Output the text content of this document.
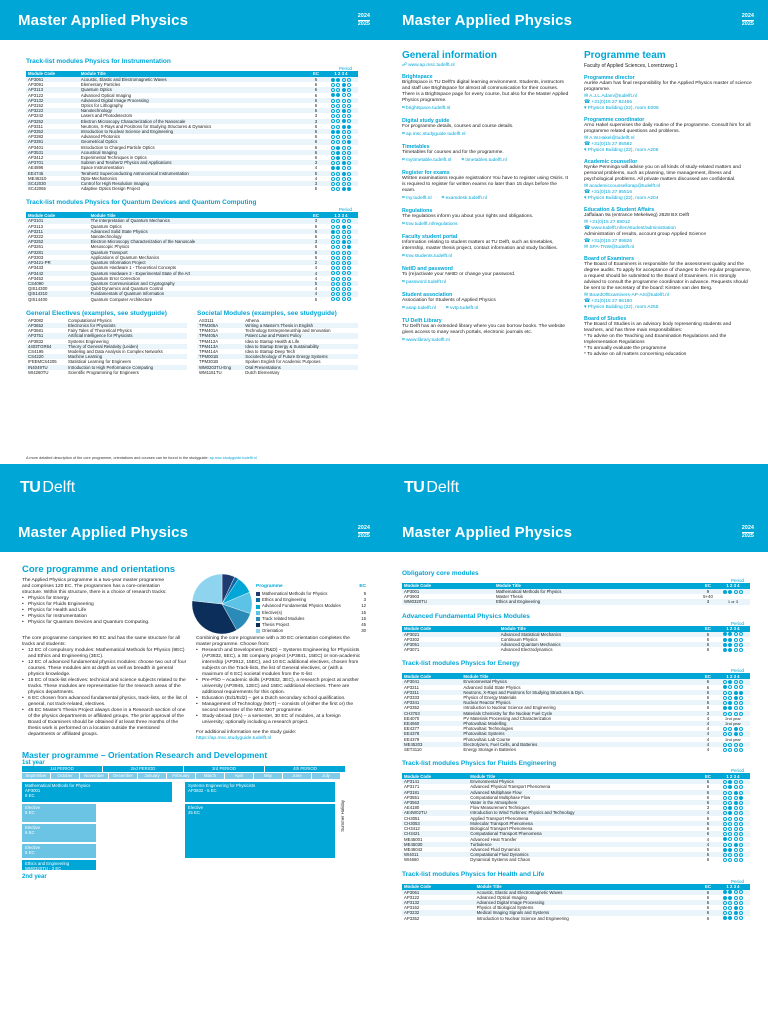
Master Applied Physics	2024
2025
Track-list modules Physics for Instrumentation
Period
Module Code	Module Title	EC	1 2 3 4
AP3061	Acoustic, Elastic and Electromagnetic Waves	6	
AP3091	Elementary Particles	6	
AP3113	Quantum Optics	6	
AP3122	Advanced Optical Imaging	6	
AP3132	Advanced Digital Image Processing	6	
AP3152	Optics for Lithography	6	
AP3222	Nanotechnology	6	
AP3242	Lasers and Photodetectors	3	
AP3252	Electron Microscopy Characterization of the Nanoscale	3	
AP3311	Neutrons, X-Rays and Positrons for Studying Structures & Dynamics	6	
AP3352	Introduction to Nuclear Science and Engineering	6	
AP3382	Advanced Photonics	6	
AP3391	Geometrical Optics	6	
AP3401	Introduction to Charged Particle Optics	6	
AP3531	Acoustical Imaging	6	
AP3412	Experimental Techniques in Optics	6	
AP3701	Submm and Terahertz Physics and Applications	3	
AE4896	Space Instrumentation	4	
EE4745	Terahertz Superconducting Astronomical Instrumentation	5	
ME46310	Opto-Mechatronics	4	
SC42030	Control for High Resolution Imaging	3	
SC42065	Adaptive Optics Design Project	5	
Track-list modules Physics for Quantum Devices and Quantum Computing
Period
Module Code	Module Title	EC	1 2 3 4
AP3101	The Interpretation of Quantum Mechanics	3	
AP3113	Quantum Optics	6	
AP3211	Advanced Solid State Physics	6	
AP3222	Nanotechnology	6	
AP3252	Electron Microscopy Characterization of the Nanoscale	3	
AP3261	Mesoscopic Physics	6	
AP3281	Quantum Transport	6	
AP3303	Applications of Quantum Mechanics	6	
AP3421-PR	Quantum Information Project	2	
AP3433	Quantum Hardware 1 - Theoretical Concepts	4	
AP3442	Quantum Hardware 2 - Experimental State of the Art	4	
AP3452	Quantum Error Correction	4	
CS4090	Quantum Communication and Cryptography	5	
QIS14300	Qubit Dynamics and Quantum Control	4	
QIS14310	Fundamentals of Quantum Information	4	
QIS14400	Quantum Computer Architecture	5	
General Electives (examples, see studyguide)
AP3082	Computational Physics
AP3652	Electronics for Physicists
AP3681	Fairy Tales of Theoretical Physics
AP3751	Artificial Intelligence for Physicists
AP3832	Systems Engineering
4403TGR64	Theory of General Relativity (Leiden)
CS4195	Modeling and Data Analysis in Complex Networks
CS4220	Machine Learning
IFEEMCS4205	Statistical Learning for Engineers
IN4049TU	Introduction to High Performance Computing
WI4260TU	Scientific Programming for Engineers
Societal Modules (examples, see studyguide)
AS3111	Athena
TPM305A	Writing a Master's Thesis in English
TPM401A	Technology Entrepreneurship and Innovation
TPM405A	Patent Law and Patent Policy
TPM412A	Idea to Startup Health & Life
TPM413A	Idea to Startup Energy & Sustainability
TPM414A	Idea to Startup Deep Tech
TPM001B	Sociotechnology of Future Energy Systems
TPM301B	Spoken English for Academic Purposes
WM0203TU-Eng	Oral Presentations
WM1151TU	Dutch Elementary
A more detailed description of the core programme, orientations and courses can be found in the studyguide: ap.msc.studyguide.tudelft.nl
TU Delft
Master Applied Physics	2024
2025
General information
☍ www.ap.msc.tudelft.nl
Brightspace
Brightspace is TU Delft's digital learning environment. Students, instructors and staff use Brightspace for almost all communication for their courses. There is a Brightspace page for every course, but also for the Master Applied Physics programme.
⌗ brightspace.tudelft.nl
Digital study guide
For programme details, courses and course details.
⌗ ap.msc.studyguide.tudelft.nl
Timetables
Timetables for courses and for the programme.
⌗ mytimetable.tudelft.nl ⌗ timetables.tudelft.nl
Register for exams
Written examinations require registration! You have to register using Osiris. It is required to register for written exams no later than 15 days before the exam.
⌗ my.tudelft.nl ⌗ examdesk.tudelft.nl
Regulations
The regulations inform you about your rights and obligations.
⌗ tnw.tudelft.nl/regulations
Faculty student portal
Information relating to student matters at TU Delft, such as timetables, internship, master thesis project, contact information and study facilities.
⌗ tnw.students.tudelft.nl
NetID and password
To (re)activate your NetID or change your password.
⌗ password.tudelft.nl
Student association
Association for Students of Applied Physics
⌗ asap.tudelft.nl ⌗ vvtp.tudelft.nl
TU Delft Library
TU Delft has an extended library where you can borrow books. The website gives access to many search portals, electronic journals etc.
⌗ www.library.tudelft.nl
Programme team
Faculty of Applied Sciences, Lorentzweg 1
Programme director
Aurèle Adam has final responsibility for the Applied Physics master of science programme.
✉ A.J.L.Adam@tudelft.nl
☎ +31(0)15 27 82455
▾ Physics Building (22), room E006
Programme coordinator
Arno Hakel supervises the daily routine of the programme. Consult him for all programme related questions and problems.
✉ A.W.Hakel@tudelft.nl
☎ +31(0)15 27 85582
▾ Physics Building (22), room A206
Academic counsellor
Nynke Penninga will advise you on all kinds of study-related matters and personal problems, such as planning, time management, illness and psychological problems. All private matters discussed are confidential.
✉ academiccounsellorap@tudelft.nl
☎ +31(0)15 27 85516
▾ Physics Building (22), room A204
Education & Student Affairs
Jaffalaan 9a (entrance Mekelweg) 2628 BX Delft
✉ +31(0)15 27 88012
☎ www.tudelft.nl/en/student/administration
Administration of results, account group Applied Science
☎ +31(0)15 27 89826
✉ SPA-TNW@tudelft.nl
Board of Examiners
The Board of Examiners is responsible for the assessment quality and the degree audits. To apply for acceptance of changes to the regular programme, a request should be submitted to the Board of Examiners. It is strongly advised to consult the programme coordinator in advance. Requests should be sent to the secretary of the board: Kirsten van den Berg.
✉ BoardOfExaminers-AP-AS@tudelft.nl
☎ +31(0)15 27 86180
▾ Physics Building (22), room A255
Board of Studies
The Board of Studies is an advisory body representing students and teachers, and has three main responsibilities:
* To advise on the Teaching and Examination Regulations and the Implementation Regulations
* To annually evaluate the programme
* To advise on all matters concerning education
TU Delft
Master Applied Physics	2024
2025
Core programme and orientations
The Applied Physics programme is a two-year master programme and comprises 120 EC. The programmes has a core-orientation structure. Within this structure, there is a choice of research tracks:
• Physics for Energy
• Physics for Fluids Engineering
• Physics for Health and Life
• Physics for Instrumentation
• Physics for Quantum Devices and Quantum Computing.
Programme	EC
Mathematical Methods for Physics	9
Ethics and Engineering	3
Advanced Fundamental Physics Modules	12
Elective(s)	15
Track related Modules	15
Thesis Project	45
Orientation	30
The core programme comprises 90 EC and has the same structure for all tracks and students:
• 12 EC of compulsory modules: Mathematical Methods for Physics (9EC) and Ethics and Engineering (3EC).
• 12 EC of advanced fundamental physics modules: choose two out of four courses. These modules aim at depth as well as breadth in general physics knowledge.
• 15 EC of track-list electives: technical and science subjects related to the tracks. These modules are representative for the research areas of the physics departments.
• 6 EC chosen from advanced fundamental physics, track-lists, or the list of general, not track-related, electives.
• 45 EC Master's Thesis Project always done in a Research section of one of the physics departments or affiliated groups. The prior approval of the Board of Examiners should be obtained if at least three months of the thesis work is performed on a location outside the mentioned departments or affiliated groups.
Combining the core programme with a 30 EC orientation completes the master programme. Choose from:
• Research and Development (R&D) – Systems Engineering for Physicists (AP3832, 5EC), a SE company project (AP3841, 15EC) or non-academic internship (AP3912, 15EC), and 10 EC additional electives, chosen from subjects on the Track-lists, the list of General electives, or (with a maximum of 6 EC) societal modules from the S-list
• Pre-PhD – Academic skills (AP3932, 3EC), a research project at another university (AP3945, 12EC) and 15EC additional electives. There are additional requirements for this option.
• Education (Ed1/Ed2) – get a Dutch secondary school qualification.
• Management of Technology (MoT) – consists of (either the first or) the second semester of the MSc MoT programme.
• Study-abroad (SA) – a semester, 30 EC of modules, at a foreign university; optionally including a research project.
For additional information see the study guide:
https://ap.msc.studyguide.tudelft.nl
Master programme – Orientation Research and Development
1st year
1st PERIOD	2nd PERIOD	3rd PERIOD	4th PERIOD
September	October	November	December	January	February	March	April	May	June	July
Mathematical Methods for Physics
AP3001
9 EC
Systems Engineering for Physicists
AP3832 - 5 EC
Elective
6 EC
Elective
6 EC
Elective
6 EC
Elective
25 EC
Ethics and Engineering
WM0320TU - 3 EC
Summer Holiday
2nd year
Master Applied Physics	2024
2025
Obligatory core modules
Period
Module Code	Module Title	EC	1 2 3 4
AP3001	Mathematical Methods for Physics	9	
AP3903	Master Thesis	5+40	
WM0320TU	Ethics and Engineering	3	1 or 3
Advanced Fundamental Physics Modules
Period
Module Code	Module Title	EC	1 2 3 4
AP3021	Advanced Statistical Mechanics	6	
AP3302	Continuum Physics	6	
AP3051	Advanced Quantum Mechanics	6	
AP3071	Advanced Electrodynamics	6	
Track-list modules Physics for Energy
Period
Module Code	Module Title	EC	1 2 3 4
AP3041	Environmental Physics	6	
AP3211	Advanced Solid State Physics	6	
AP3311	Neutrons, X-Rays and Positrons for Studying Structures & Dyn.	6	
AP3333	Physics of Energy Materials	6	
AP3341	Nuclear Reactor Physics	6	
AP3352	Introduction to Nuclear Science and Engineering	6	
CH3763	Materials Chemistry for the Nuclear Fuel Cycle	3	
EE4070	PV Materials Processing and Characterization	4	2nd year
EE4660	Photovoltaic Modelling	4	2nd year
EE4377	Photovoltaic Technologies	4	
EE4378	Photovoltaic Systems	4	
EE4379	Photovoltaic Lab Course	4	2nd year
ME45203	Electrolyzers, Fuel Cells, and Batteries	4	
SET3110	Energy Storage in Batteries	4	
Track-list modules Physics for Fluids Engineering
Period
Module Code	Module Title	EC	1 2 3 4
AP3141	Environmental Physics	6	
AP3171	Advanced Physical Transport Phenomena	6	
AP3181	Advanced Multiphase Flow	6	
AP3551	Computational Multiphase Flow	6	
AP3563	Water in the Atmosphere	6	
AE4180	Flow Measurement Techniques	3	
AE4W02TU	Introduction to Wind Turbines: Physics and Technology	4	
CH3051	Applied Transport Phenomena	6	
CH3053	Molecular Transport Phenomena	6	
CH3412	Biological Transport Phenomena	6	
CH3421	Computational Transport Phenomena	6	
ME45001	Advanced Heat Transfer	4	
ME45030	Turbulence	4	
ME45042	Advanced Fluid Dynamics	5	
WI4011	Computational Fluid Dynamics	6	
WI4660	Dynamical Systems and Chaos	6	
Track-list modules Physics for Health and Life
Period
Module Code	Module Title	EC	1 2 3 4
AP3061	Acoustic, Elastic and Electromagnetic Waves	6	
AP3122	Advanced Optical Imaging	6	
AP3132	Advanced Digital Image Processing	6	
AP3162	Physics of Biological Systems	6	
AP3232	Medical Imaging Signals and Systems	6	
AP3352	Introduction to Nuclear Science and Engineering	6	
